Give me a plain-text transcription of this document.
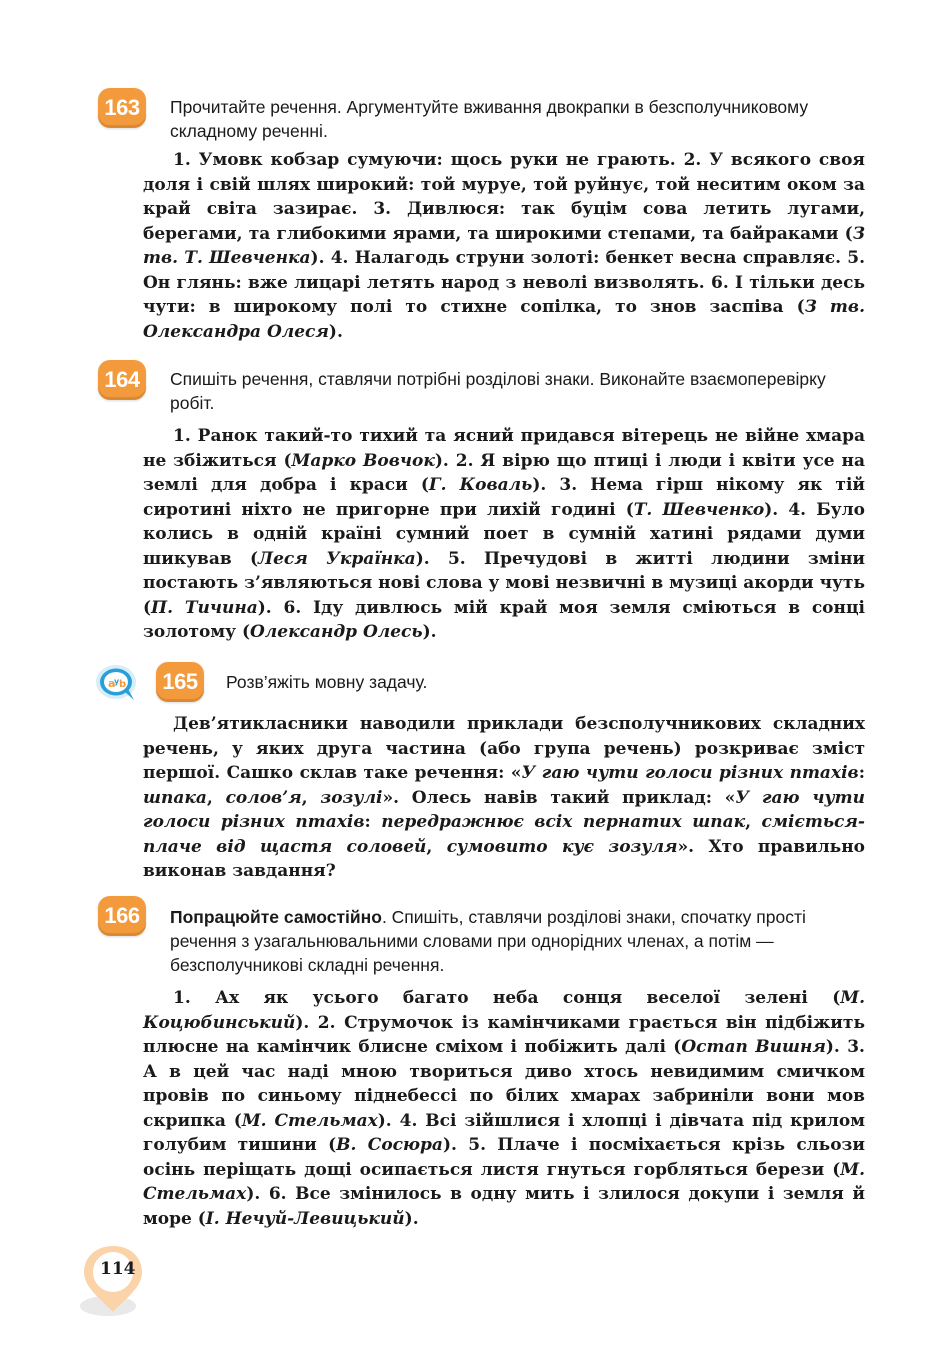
163	Прочитайте речення. Аргументуйте вживання двокрапки в безсполучниковому складному реченні.
1. Умовк кобзар сумуючи: щось руки не грають. 2. У всякого своя доля і свій шлях широкий: той муруе, той руйнує, той неситим оком за край світа зазирає. 3. Дивлюся: так буцім сова летить лугами, берегами, та глибокими ярами, та широкими степами, та байраками (З тв. Т. Шевченка). 4. Налагодь струни золоті: бенкет весна справляє. 5. Он глянь: вже лицарі летять народ з неволі визволять. 6. І тільки десь чути: в широкому полі то стихне сопілка, то знов заспіва (З тв. Олександра Олеся).
164	Спишіть речення, ставлячи потрібні розділові знаки. Виконайте взаємоперевірку робіт.
1. Ранок такий-то тихий та ясний придався вітерець не війне хмара не збіжиться (Марко Вовчок). 2. Я вірю що птиці і люди і квіти усе на землі для добра і краси (Г. Коваль). 3. Нема гірш нікому як тій сиротині ніхто не пригорне при лихій годині (Т. Шевченко). 4. Було колись в одній країні сумний поет в сумній хатині рядами думи шикував (Леся Українка). 5. Пречудові в житті людини зміни постають з’являються нові слова у мові незвичні в музиці акорди чуть (П. Тичина). 6. Іду дивлюсь мій край моя земля сміються в сонці золотому (Олександр Олесь).
a
y b 165	Розв’яжіть мовну задачу.
Дев’ятикласники наводили приклади безсполучникових складних речень, у яких друга частина (або група речень) розкриває зміст першої. Сашко склав таке речення: «У гаю чути голоси різних птахів: шпака, солов’я, зозулі». Олесь навів такий приклад: «У гаю чути голоси різних птахів: передражнює всіх пернатих шпак, сміється-плаче від щастя соловей, сумовито кує зозуля». Хто правильно виконав завдання?
166	Попрацюйте самостійно. Спишіть, ставлячи розділові знаки, спочатку прості речення з узагальнювальними словами при однорідних членах, а потім — безсполучникові складні речення.
1. Ах як усього багато неба сонця веселої зелені (М. Коцюбинський). 2. Струмочок із камінчиками грається він підбіжить плюсне на камінчик блисне сміхом і побіжить далі (Остап Вишня). 3. А в цей час наді мною твориться диво хтось невидимим смичком провів по синьому піднебессі по білих хмарах забриніли вони мов скрипка (М. Стельмах). 4. Всі зійшлися і хлопці і дівчата під крилом голубим тишини (В. Сосюра). 5. Плаче і посміхається крізь сльози осінь періщать дощі осипається листя гнуться горбляться берези (М. Стельмах). 6. Все змінилось в одну мить і злилося докупи і земля й море (І. Нечуй-Левицький).
114
